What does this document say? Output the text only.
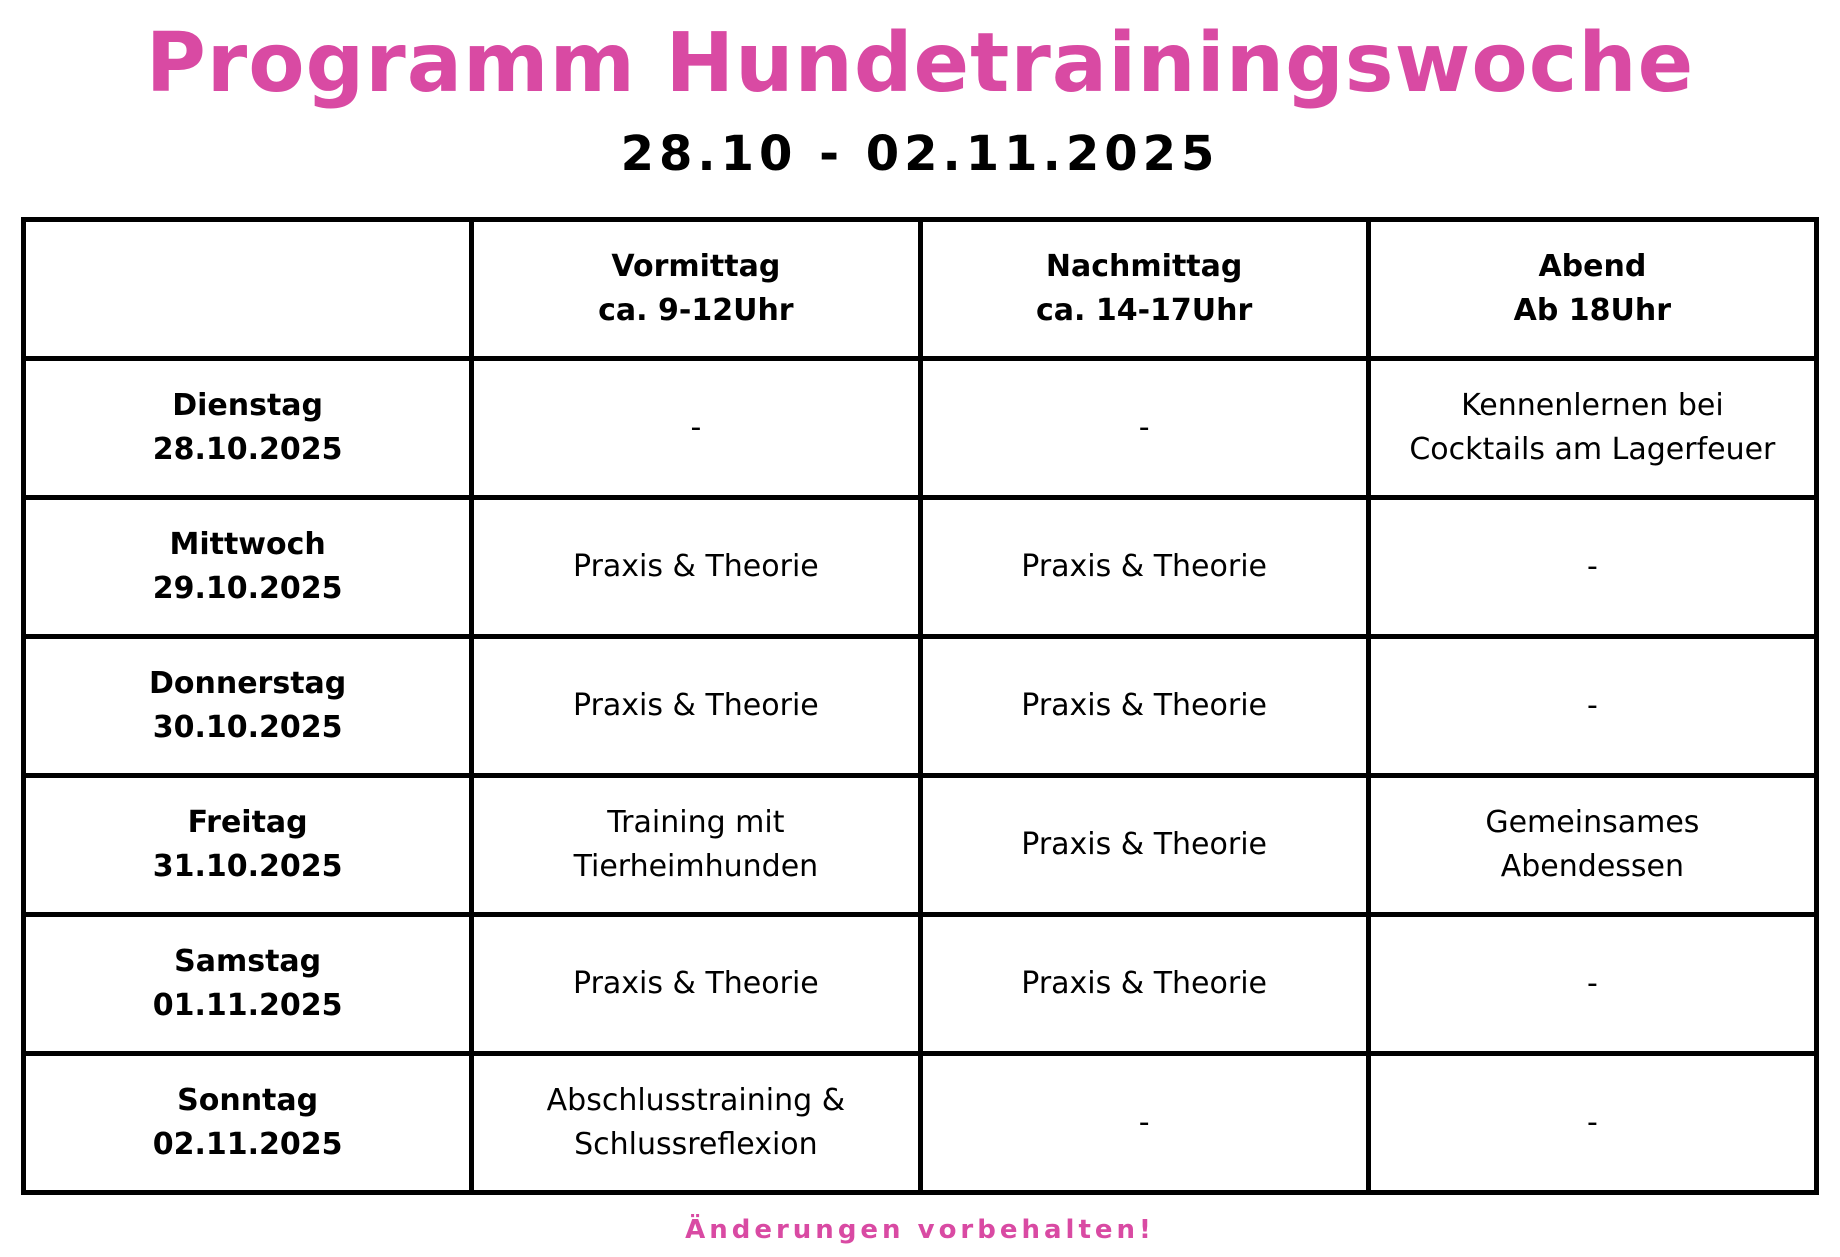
Programm Hundetrainingswoche
28.10 - 02.11.2025

	Vormittag
ca. 9-12Uhr	Nachmittag
ca. 14-17Uhr	Abend
Ab 18Uhr

Dienstag
28.10.2025	-	-	Kennenlernen bei
Cocktails am Lagerfeuer

Mittwoch
29.10.2025	Praxis & Theorie	Praxis & Theorie	-

Donnerstag
30.10.2025	Praxis & Theorie	Praxis & Theorie	-

Freitag
31.10.2025	Training mit
Tierheimhunden	Praxis & Theorie	Gemeinsames
Abendessen

Samstag
01.11.2025	Praxis & Theorie	Praxis & Theorie	-

Sonntag
02.11.2025	Abschlusstraining &
Schlussreflexion	-	-
Änderungen vorbehalten!
